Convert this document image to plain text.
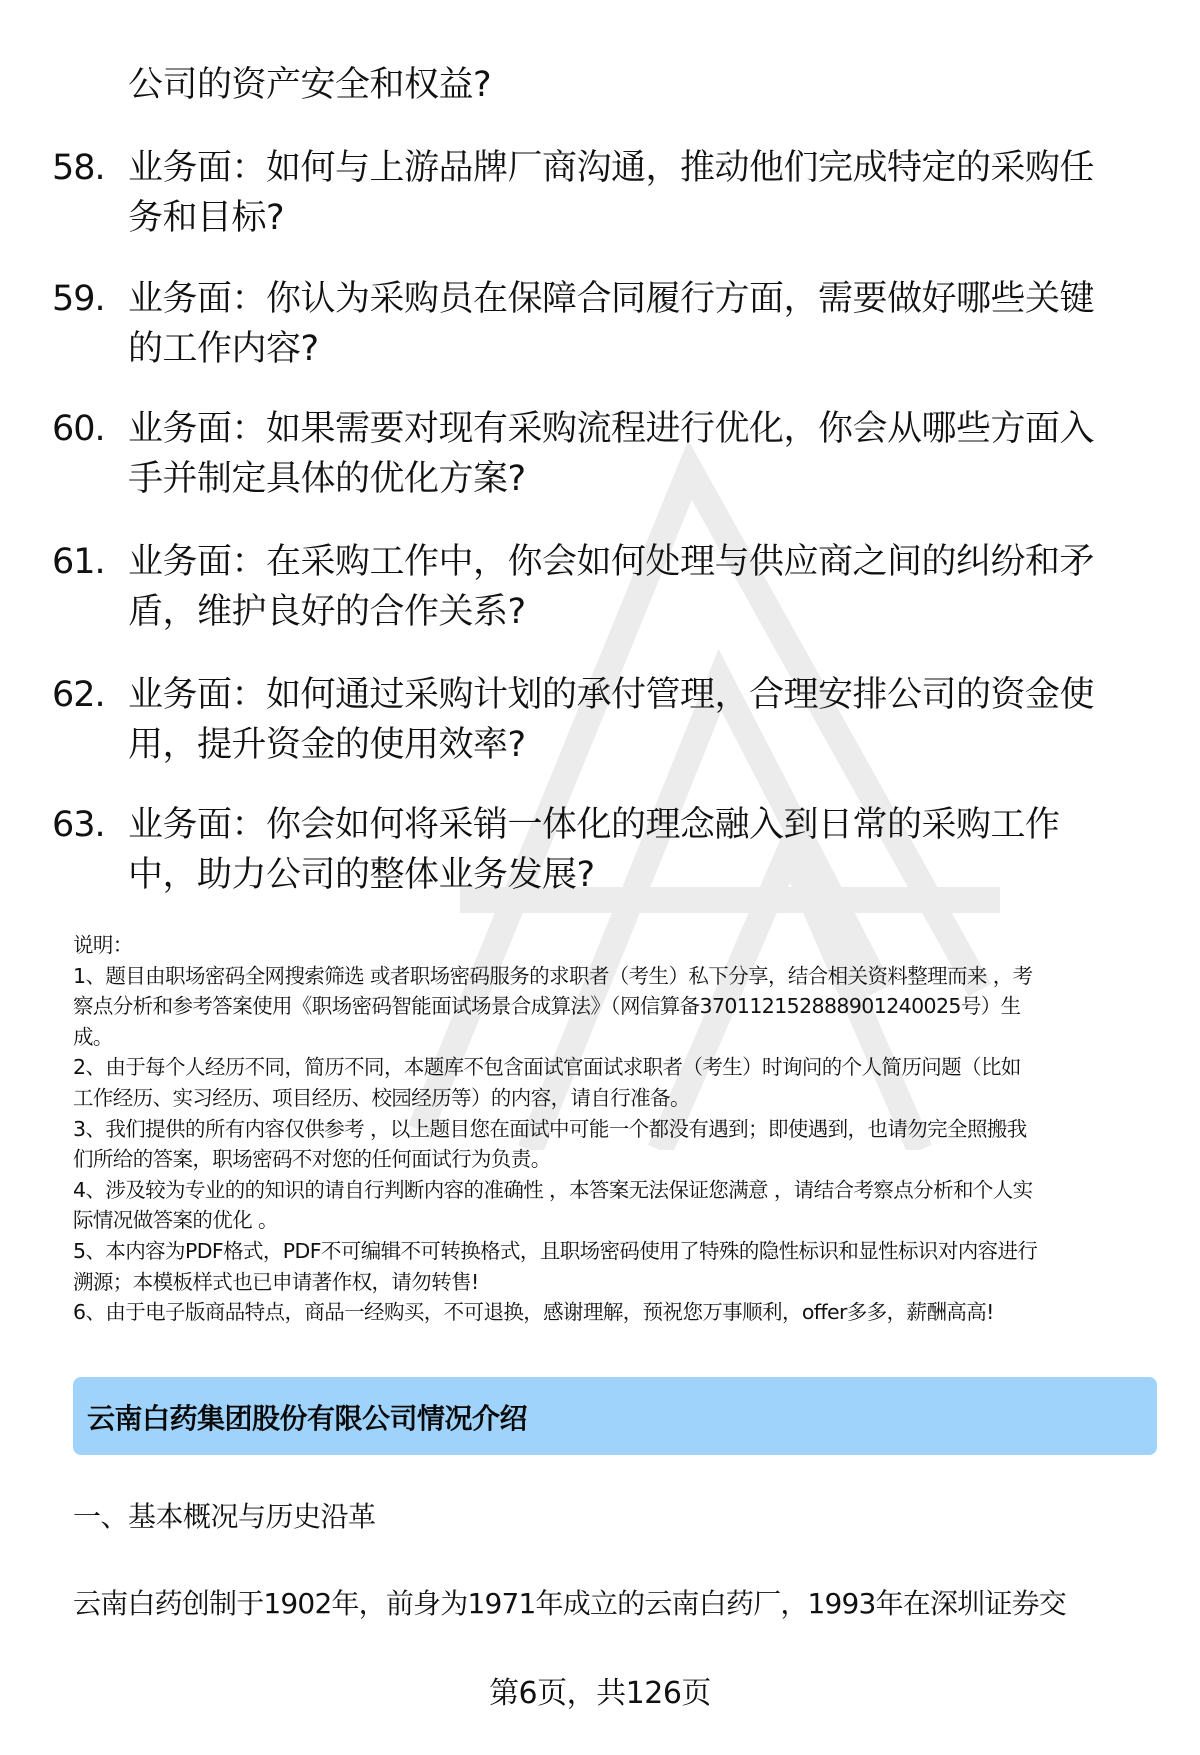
公司的资产安全和权益?
58. 业务面：如何与上游品牌厂商沟通，推动他们完成特定的采购任
务和目标?
59. 业务面：你认为采购员在保障合同履行方面，需要做好哪些关键
的工作内容?
60. 业务面：如果需要对现有采购流程进行优化，你会从哪些方面入
手并制定具体的优化方案?
61. 业务面：在采购工作中，你会如何处理与供应商之间的纠纷和矛
盾，维护良好的合作关系?
62. 业务面：如何通过采购计划的承付管理，合理安排公司的资金使
用，提升资金的使用效率?
63. 业务面：你会如何将采销一体化的理念融入到日常的采购工作
中，助力公司的整体业务发展?
说明：
1、题目由职场密码全网搜索筛选 或者职场密码服务的求职者（考生）私下分享，结合相关资料整理而来 ，考
察点分析和参考答案使用《职场密码智能面试场景合成算法》（网信算备370112152888901240025号）生
成。
2、由于每个人经历不同，简历不同，本题库不包含面试官面试求职者（考生）时询问的个人简历问题（比如
工作经历、实习经历、项目经历、校园经历等）的内容，请自行准备。
3、我们提供的所有内容仅供参考 ，以上题目您在面试中可能一个都没有遇到；即使遇到，也请勿完全照搬我
们所给的答案，职场密码不对您的任何面试行为负责。
4、涉及较为专业的的知识的请自行判断内容的准确性 ，本答案无法保证您满意 ，请结合考察点分析和个人实
际情况做答案的优化 。
5、本内容为PDF格式，PDF不可编辑不可转换格式，且职场密码使用了特殊的隐性标识和显性标识对内容进行
溯源；本模板样式也已申请著作权，请勿转售!
6、由于电子版商品特点，商品一经购买，不可退换，感谢理解，预祝您万事顺利，offer多多，薪酬高高!
云南白药集团股份有限公司情况介绍
一、基本概况与历史沿革
云南白药创制于1902年，前身为1971年成立的云南白药厂，1993年在深圳证券交
第6页，共126页
